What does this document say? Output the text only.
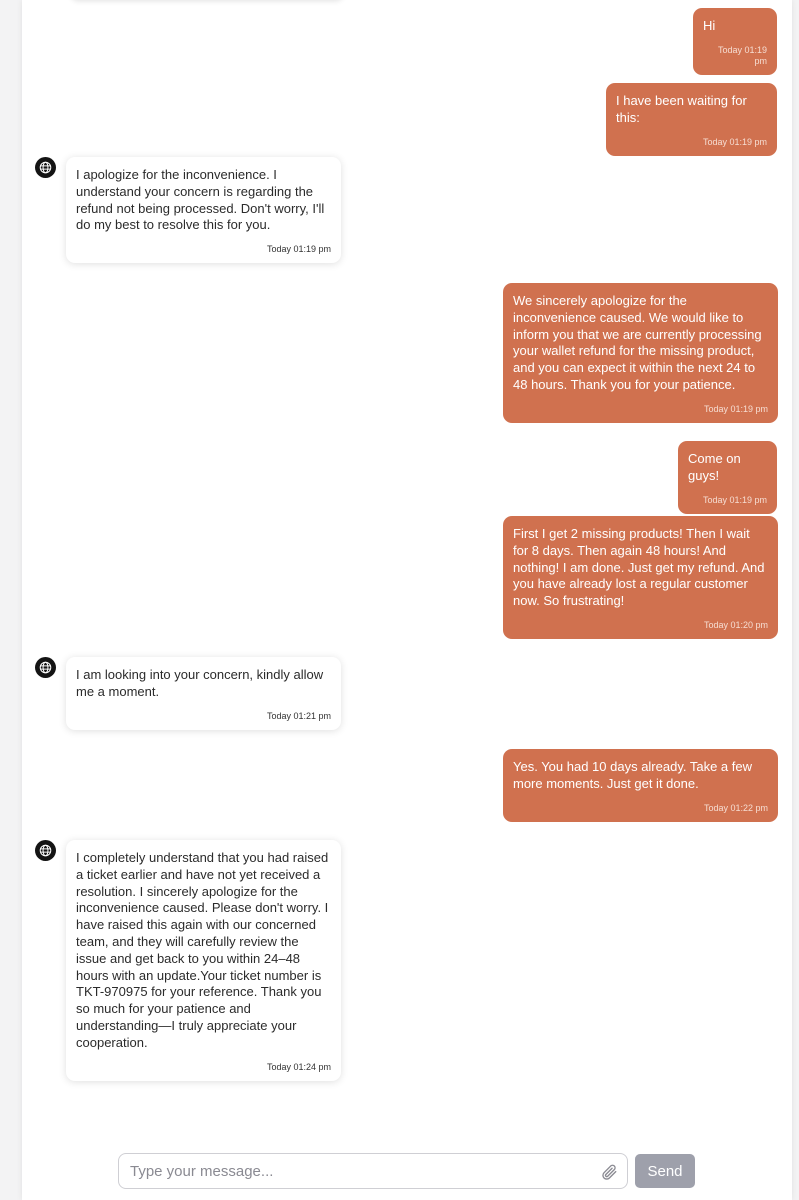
Hi
Today 01:19 pm
I have been waiting for this:
Today 01:19 pm
I apologize for the inconvenience. I understand your concern is regarding the refund not being processed. Don't worry, I'll do my best to resolve this for you.
Today 01:19 pm
We sincerely apologize for the inconvenience caused. We would like to inform you that we are currently processing your wallet refund for the missing product, and you can expect it within the next 24 to 48 hours. Thank you for your patience.
Today 01:19 pm
Come on guys!
Today 01:19 pm
First I get 2 missing products! Then I wait for 8 days. Then again 48 hours! And nothing! I am done. Just get my refund. And you have already lost a regular customer now. So frustrating!
Today 01:20 pm
I am looking into your concern, kindly allow me a moment.
Today 01:21 pm
Yes. You had 10 days already. Take a few more moments. Just get it done.
Today 01:22 pm
I completely understand that you had raised a ticket earlier and have not yet received a resolution. I sincerely apologize for the inconvenience caused. Please don't worry. I have raised this again with our concerned team, and they will carefully review the issue and get back to you within 24–48 hours with an update.Your ticket number is TKT-970975 for your reference. Thank you so much for your patience and understanding—I truly appreciate your cooperation.
Today 01:24 pm
Type your message...
Send
